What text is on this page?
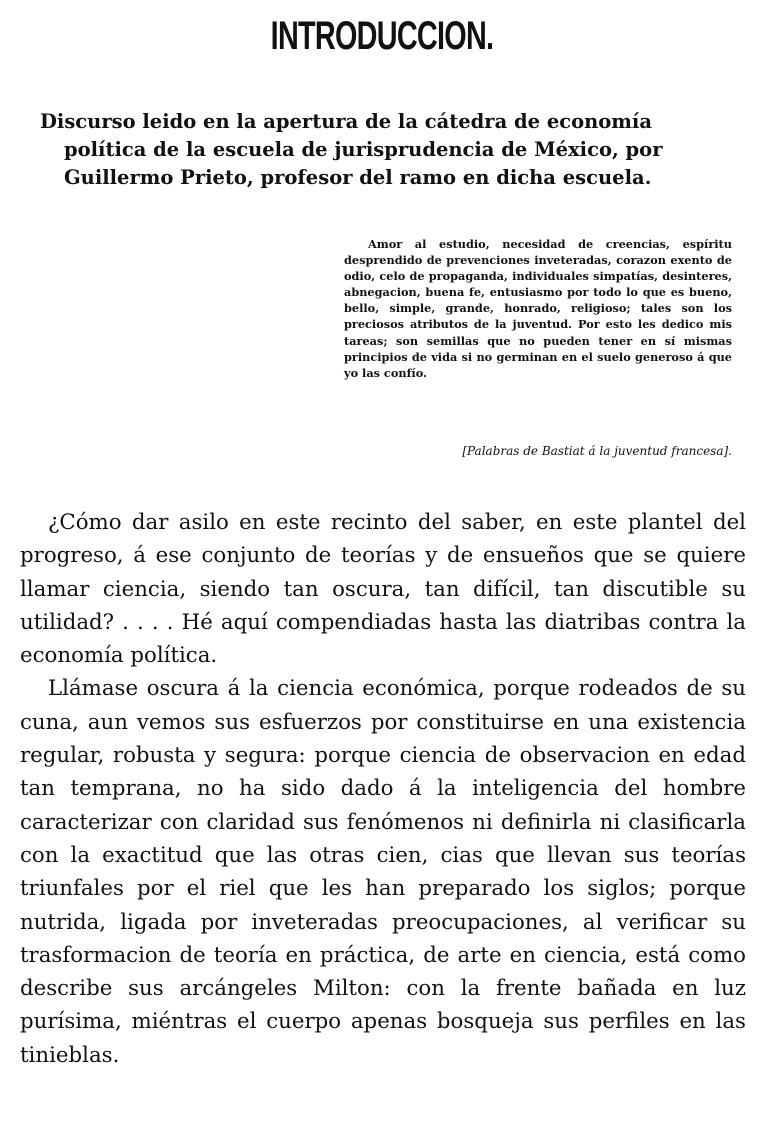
INTRODUCCION.
Discurso leido en la apertura de la cátedra de economía política de la escuela de jurisprudencia de México, por Guillermo Prieto, profesor del ramo en dicha escuela.
Amor al estudio, necesidad de creencias, espíritu desprendido de prevenciones inveteradas, corazon exento de odio, celo de propaganda, individuales simpatías, desinteres, abnegacion, buena fe, entusiasmo por todo lo que es bueno, bello, simple, grande, honrado, religioso; tales son los preciosos atributos de la juventud. Por esto les dedico mis tareas; son semillas que no pueden tener en sí mismas principios de vida si no germinan en el suelo generoso á que yo las confío.
[Palabras de Bastiat á la juventud francesa].

¿Cómo dar asilo en este recinto del saber, en este plantel del progreso, á ese conjunto de teorías y de ensueños que se quiere llamar ciencia, siendo tan oscura, tan difícil, tan discutible su utilidad? . . . . Hé aquí compendiadas hasta las diatribas contra la economía política.

Llámase oscura á la ciencia económica, porque rodeados de su cuna, aun vemos sus esfuerzos por constituirse en una existencia regular, robusta y segura: porque ciencia de observacion en edad tan temprana, no ha sido dado á la inteligencia del hombre caracterizar con claridad sus fenómenos ni definirla ni clasificarla con la exactitud que las otras cien, cias que llevan sus teorías triunfales por el riel que les han preparado los siglos; porque nutrida, ligada por inveteradas preocupaciones, al verificar su trasformacion de teoría en práctica, de arte en ciencia, está como describe sus arcángeles Milton: con la frente bañada en luz purísima, miéntras el cuerpo apenas bosqueja sus perfiles en las tinieblas.
